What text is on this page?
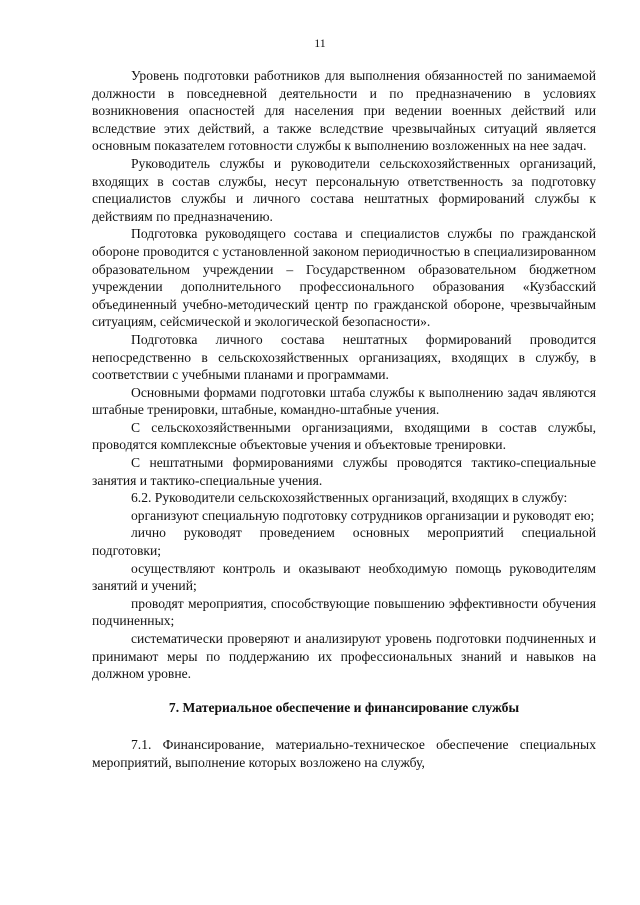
11

Уровень подготовки работников для выполнения обязанностей по занимаемой должности в повседневной деятельности и по предназначению в условиях возникновения опасностей для населения при ведении военных действий или вследствие этих действий, а также вследствие чрезвычайных ситуаций является основным показателем готовности службы к выполнению возложенных на нее задач.

Руководитель службы и руководители сельскохозяйственных организаций, входящих в состав службы, несут персональную ответственность за подготовку специалистов службы и личного состава нештатных формирований службы к действиям по предназначению.

Подготовка руководящего состава и специалистов службы по гражданской обороне проводится с установленной законом периодичностью в специализированном образовательном учреждении – Государственном образовательном бюджетном учреждении дополнительного профессионального образования «Кузбасский объединенный учебно-методический центр по гражданской обороне, чрезвычайным ситуациям, сейсмической и экологической безопасности».

Подготовка личного состава нештатных формирований проводится непосредственно в сельскохозяйственных организациях, входящих в службу, в соответствии с учебными планами и программами.

Основными формами подготовки штаба службы к выполнению задач являются штабные тренировки, штабные, командно-штабные учения.

С сельскохозяйственными организациями, входящими в состав службы, проводятся комплексные объектовые учения и объектовые тренировки.

С нештатными формированиями службы проводятся тактико-специальные занятия и тактико-специальные учения.

6.2. Руководители сельскохозяйственных организаций, входящих в службу:

организуют специальную подготовку сотрудников организации и руководят ею;

лично руководят проведением основных мероприятий специальной подготовки;

осуществляют контроль и оказывают необходимую помощь руководителям занятий и учений;

проводят мероприятия, способствующие повышению эффективности обучения подчиненных;

систематически проверяют и анализируют уровень подготовки подчиненных и принимают меры по поддержанию их профессиональных знаний и навыков на должном уровне.

7. Материальное обеспечение и финансирование службы

7.1. Финансирование, материально-техническое обеспечение специальных мероприятий, выполнение которых возложено на службу,
